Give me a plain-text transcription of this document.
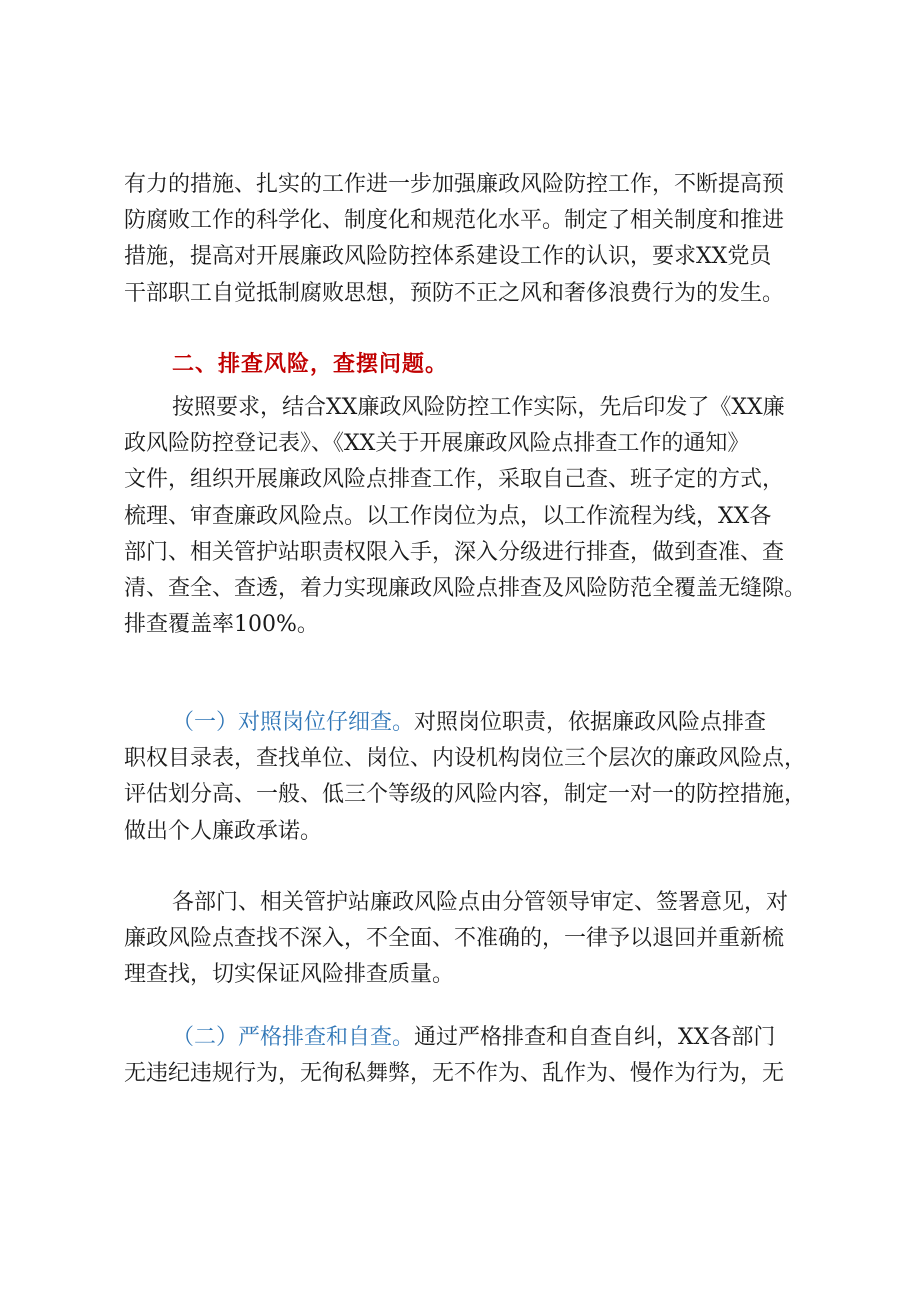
有力的措施、扎实的工作进一步加强廉政风险防控工作，不断提高预
防腐败工作的科学化、制度化和规范化水平。制定了相关制度和推进
措施，提高对开展廉政风险防控体系建设工作的认识，要求XX党员
干部职工自觉抵制腐败思想，预防不正之风和奢侈浪费行为的发生。
二、排查风险，查摆问题。
按照要求，结合XX廉政风险防控工作实际，先后印发了《XX廉
政风险防控登记表》、《XX关于开展廉政风险点排查工作的通知》
文件，组织开展廉政风险点排查工作，采取自己查、班子定的方式，
梳理、审查廉政风险点。以工作岗位为点，以工作流程为线，XX各
部门、相关管护站职责权限入手，深入分级进行排查，做到查准、查
清、查全、查透，着力实现廉政风险点排查及风险防范全覆盖无缝隙。
排查覆盖率100%。
（一）对照岗位仔细查。对照岗位职责，依据廉政风险点排查
职权目录表，查找单位、岗位、内设机构岗位三个层次的廉政风险点，
评估划分高、一般、低三个等级的风险内容，制定一对一的防控措施，
做出个人廉政承诺。
各部门、相关管护站廉政风险点由分管领导审定、签署意见，对
廉政风险点查找不深入，不全面、不准确的，一律予以退回并重新梳
理查找，切实保证风险排查质量。
（二）严格排查和自查。通过严格排查和自查自纠，XX各部门
无违纪违规行为，无徇私舞弊，无不作为、乱作为、慢作为行为，无
